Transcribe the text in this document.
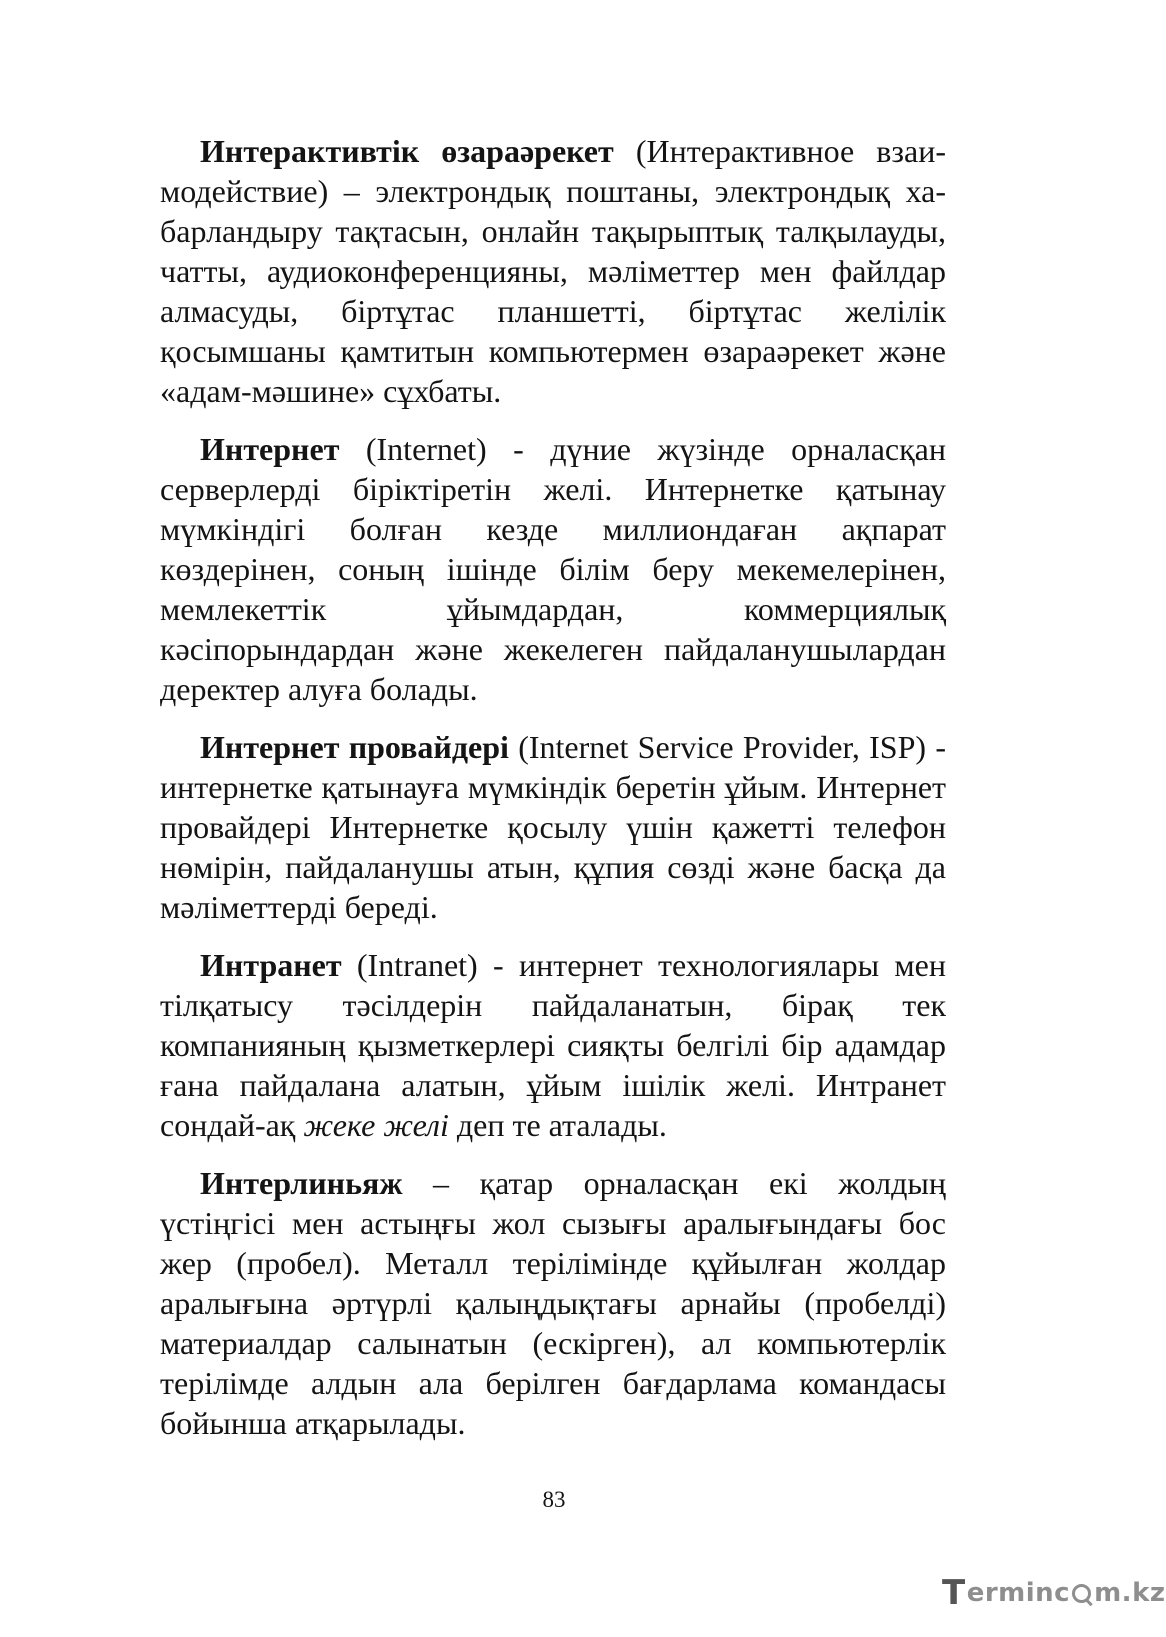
Интерактивтік өзараәрекет (Интерактивное взаимодействие) – электрондық поштаны, электрондық хабарландыру тақтасын, онлайн тақырыптық талқылауды, чатты, аудиоконференцияны, мәліметтер мен файлдар алмасуды, біртұтас планшетті, біртұтас желілік қосымшаны қамтитын компьютермен өзараәрекет және «адам-мәшине» сұхбаты.

Интернет (Internet) - дүние жүзінде орналасқан серверлерді біріктіретін желі. Интернетке қатынау мүмкіндігі болған кезде миллиондаған ақпарат көздерінен, соның ішінде білім беру мекемелерінен, мемлекеттік ұйымдардан, коммерциялық кәсіпорындардан және жекелеген пайдаланушылардан деректер алуға болады.

Интернет провайдері (Internet Service Provider, ISP) - интернетке қатынауға мүмкіндік беретін ұйым. Интернет провайдері Интернетке қосылу үшін қажетті телефон нөмірін, пайдаланушы атын, құпия сөзді және басқа да мәліметтерді береді.

Интранет (Intranet) - интернет технологиялары мен тілқатысу тәсілдерін пайдаланатын, бірақ тек компанияның қызметкерлері сияқты белгілі бір адамдар ғана пайдалана алатын, ұйым ішілік желі. Интранет сондай-ақ жеке желі деп те аталады.

Интерлиньяж – қатар орналасқан екі жолдың үстіңгісі мен астыңғы жол сызығы аралығындағы бос жер (пробел). Металл терілімінде құйылған жолдар аралығына әртүрлі қалыңдықтағы арнайы (пробелді) материалдар салынатын (ескірген), ал компьютерлік терілімде алдын ала берілген бағдарлама командасы бойынша атқарылады.

83
T erminc m.kz
